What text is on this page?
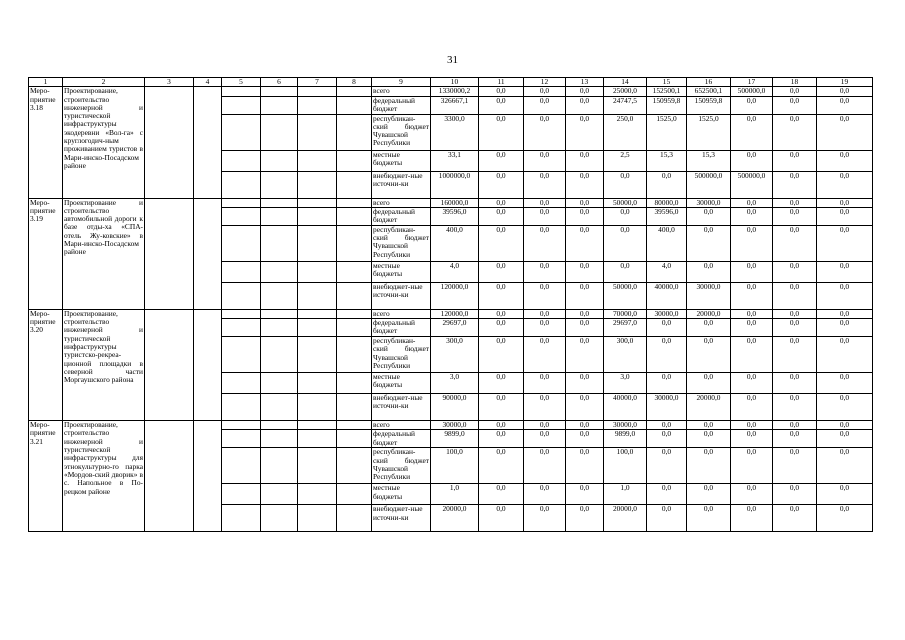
31
1	2	3	4	5	6	7	8	9	10	11	12	13	14	15	16	17	18	19
Меро-
приятие
3.18	Проектирование, строительство инженерной и туристической инфраструктуры экодеревни «Вол-га» с круглогодич-ным проживанием туристов в Мари-инско-Посадском районе							всего	1330000,2	0,0	0,0	0,0	25000,0	152500,1	652500,1	500000,0	0,0	0,0
								федеральный бюджет	326667,1	0,0	0,0	0,0	24747,5	150959,8	150959,8	0,0	0,0	0,0
								республикан-ский бюджет Чувашской Республики	3300,0	0,0	0,0	0,0	250,0	1525,0	1525,0	0,0	0,0	0,0
								местные бюджеты	33,1	0,0	0,0	0,0	2,5	15,3	15,3	0,0	0,0	0,0
								внебюджет-ные источни-ки	1000000,0	0,0	0,0	0,0	0,0	0,0	500000,0	500000,0	0,0	0,0
Меро-
приятие
3.19	Проектирование и строительство автомобильной дороги к базе отды-ха «СПА-отель Жу-ковские» в Мари-инско-Посадском районе							всего	160000,0	0,0	0,0	0,0	50000,0	80000,0	30000,0	0,0	0,0	0,0
								федеральный бюджет	39596,0	0,0	0,0	0,0	0,0	39596,0	0,0	0,0	0,0	0,0
								республикан-ский бюджет Чувашской Республики	400,0	0,0	0,0	0,0	0,0	400,0	0,0	0,0	0,0	0,0
								местные бюджеты	4,0	0,0	0,0	0,0	0,0	4,0	0,0	0,0	0,0	0,0
								внебюджет-ные источни-ки	120000,0	0,0	0,0	0,0	50000,0	40000,0	30000,0	0,0	0,0	0,0
Меро-
приятие
3.20	Проектирование, строительство инженерной и туристической инфраструктуры туристско-рекреа-ционной площадки в северной части Моргаушского района							всего	120000,0	0,0	0,0	0,0	70000,0	30000,0	20000,0	0,0	0,0	0,0
								федеральный бюджет	29697,0	0,0	0,0	0,0	29697,0	0,0	0,0	0,0	0,0	0,0
								республикан-ский бюджет Чувашской Республики	300,0	0,0	0,0	0,0	300,0	0,0	0,0	0,0	0,0	0,0
								местные бюджеты	3,0	0,0	0,0	0,0	3,0	0,0	0,0	0,0	0,0	0,0
								внебюджет-ные источни-ки	90000,0	0,0	0,0	0,0	40000,0	30000,0	20000,0	0,0	0,0	0,0
Меро-
приятие
3.21	Проектирование, строительство инженерной и туристической инфраструктуры для этнокультурно-го парка «Мордов-ский дворик» в с. Напольное в По-рецком районе							всего	30000,0	0,0	0,0	0,0	30000,0	0,0	0,0	0,0	0,0	0,0
								федеральный бюджет	9899,0	0,0	0,0	0,0	9899,0	0,0	0,0	0,0	0,0	0,0
								республикан-ский бюджет Чувашской Республики	100,0	0,0	0,0	0,0	100,0	0,0	0,0	0,0	0,0	0,0
								местные бюджеты	1,0	0,0	0,0	0,0	1,0	0,0	0,0	0,0	0,0	0,0
								внебюджет-ные источни-ки	20000,0	0,0	0,0	0,0	20000,0	0,0	0,0	0,0	0,0	0,0
